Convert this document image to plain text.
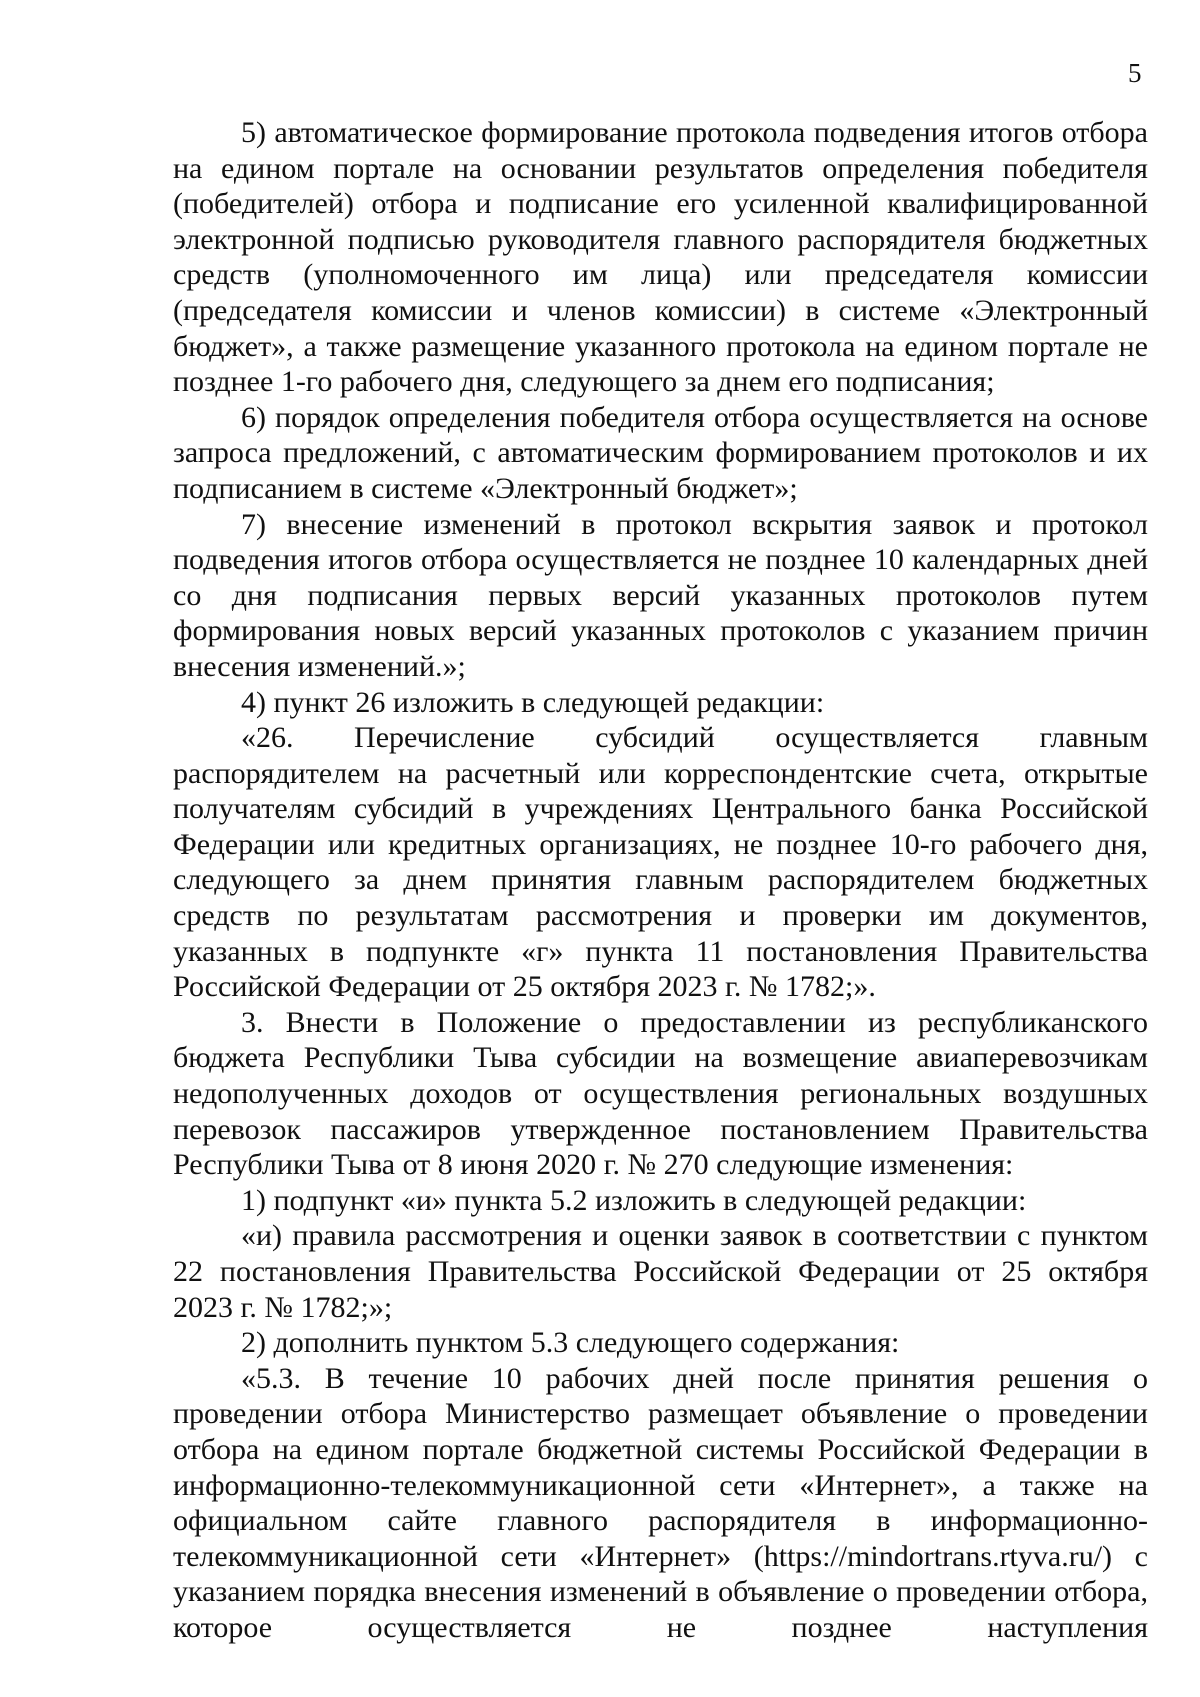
5

5) автоматическое формирование протокола подведения итогов отбора на едином портале на основании результатов определения победителя (победителей) отбора и подписание его усиленной квалифицированной электронной подписью руководителя главного распорядителя бюджетных средств (уполномоченного им лица) или председателя комиссии (председателя комиссии и членов комиссии) в системе «Электронный бюджет», а также размещение указанного протокола на едином портале не позднее 1-го рабочего дня, следующего за днем его подписания;

6) порядок определения победителя отбора осуществляется на основе запроса предложений, с автоматическим формированием протоколов и их подписанием в системе «Электронный бюджет»;

7) внесение изменений в протокол вскрытия заявок и протокол подведения итогов отбора осуществляется не позднее 10 календарных дней со дня подписания первых версий указанных протоколов путем формирования новых версий указанных протоколов с указанием причин внесения изменений.»;

4) пункт 26 изложить в следующей редакции:

«26. Перечисление субсидий осуществляется главным распорядителем на расчетный или корреспондентские счета, открытые получателям субсидий в учреждениях Центрального банка Российской Федерации или кредитных организациях, не позднее 10-го рабочего дня, следующего за днем принятия главным распорядителем бюджетных средств по результатам рассмотрения и проверки им документов, указанных в подпункте «г» пункта 11 постановления Правительства Российской Федерации от 25 октября 2023 г. № 1782;».

3. Внести в Положение о предоставлении из республиканского бюджета Республики Тыва субсидии на возмещение авиаперевозчикам недополученных доходов от осуществления региональных воздушных перевозок пассажиров утвержденное постановлением Правительства Республики Тыва от 8 июня 2020 г. № 270 следующие изменения:

1) подпункт «и» пункта 5.2 изложить в следующей редакции:

«и) правила рассмотрения и оценки заявок в соответствии с пунктом 22 постановления Правительства Российской Федерации от 25 октября 2023 г. № 1782;»;

2) дополнить пунктом 5.3 следующего содержания:

«5.3. В течение 10 рабочих дней после принятия решения о проведении отбора Министерство размещает объявление о проведении отбора на едином портале бюджетной системы Российской Федерации в информационно-телекоммуникационной сети «Интернет», а также на официальном сайте главного распорядителя в информационно-телекоммуникационной сети «Интернет» (https://mindortrans.rtyva.ru/) с указанием порядка внесения изменений в объявление о проведении отбора, которое осуществляется не позднее наступления
